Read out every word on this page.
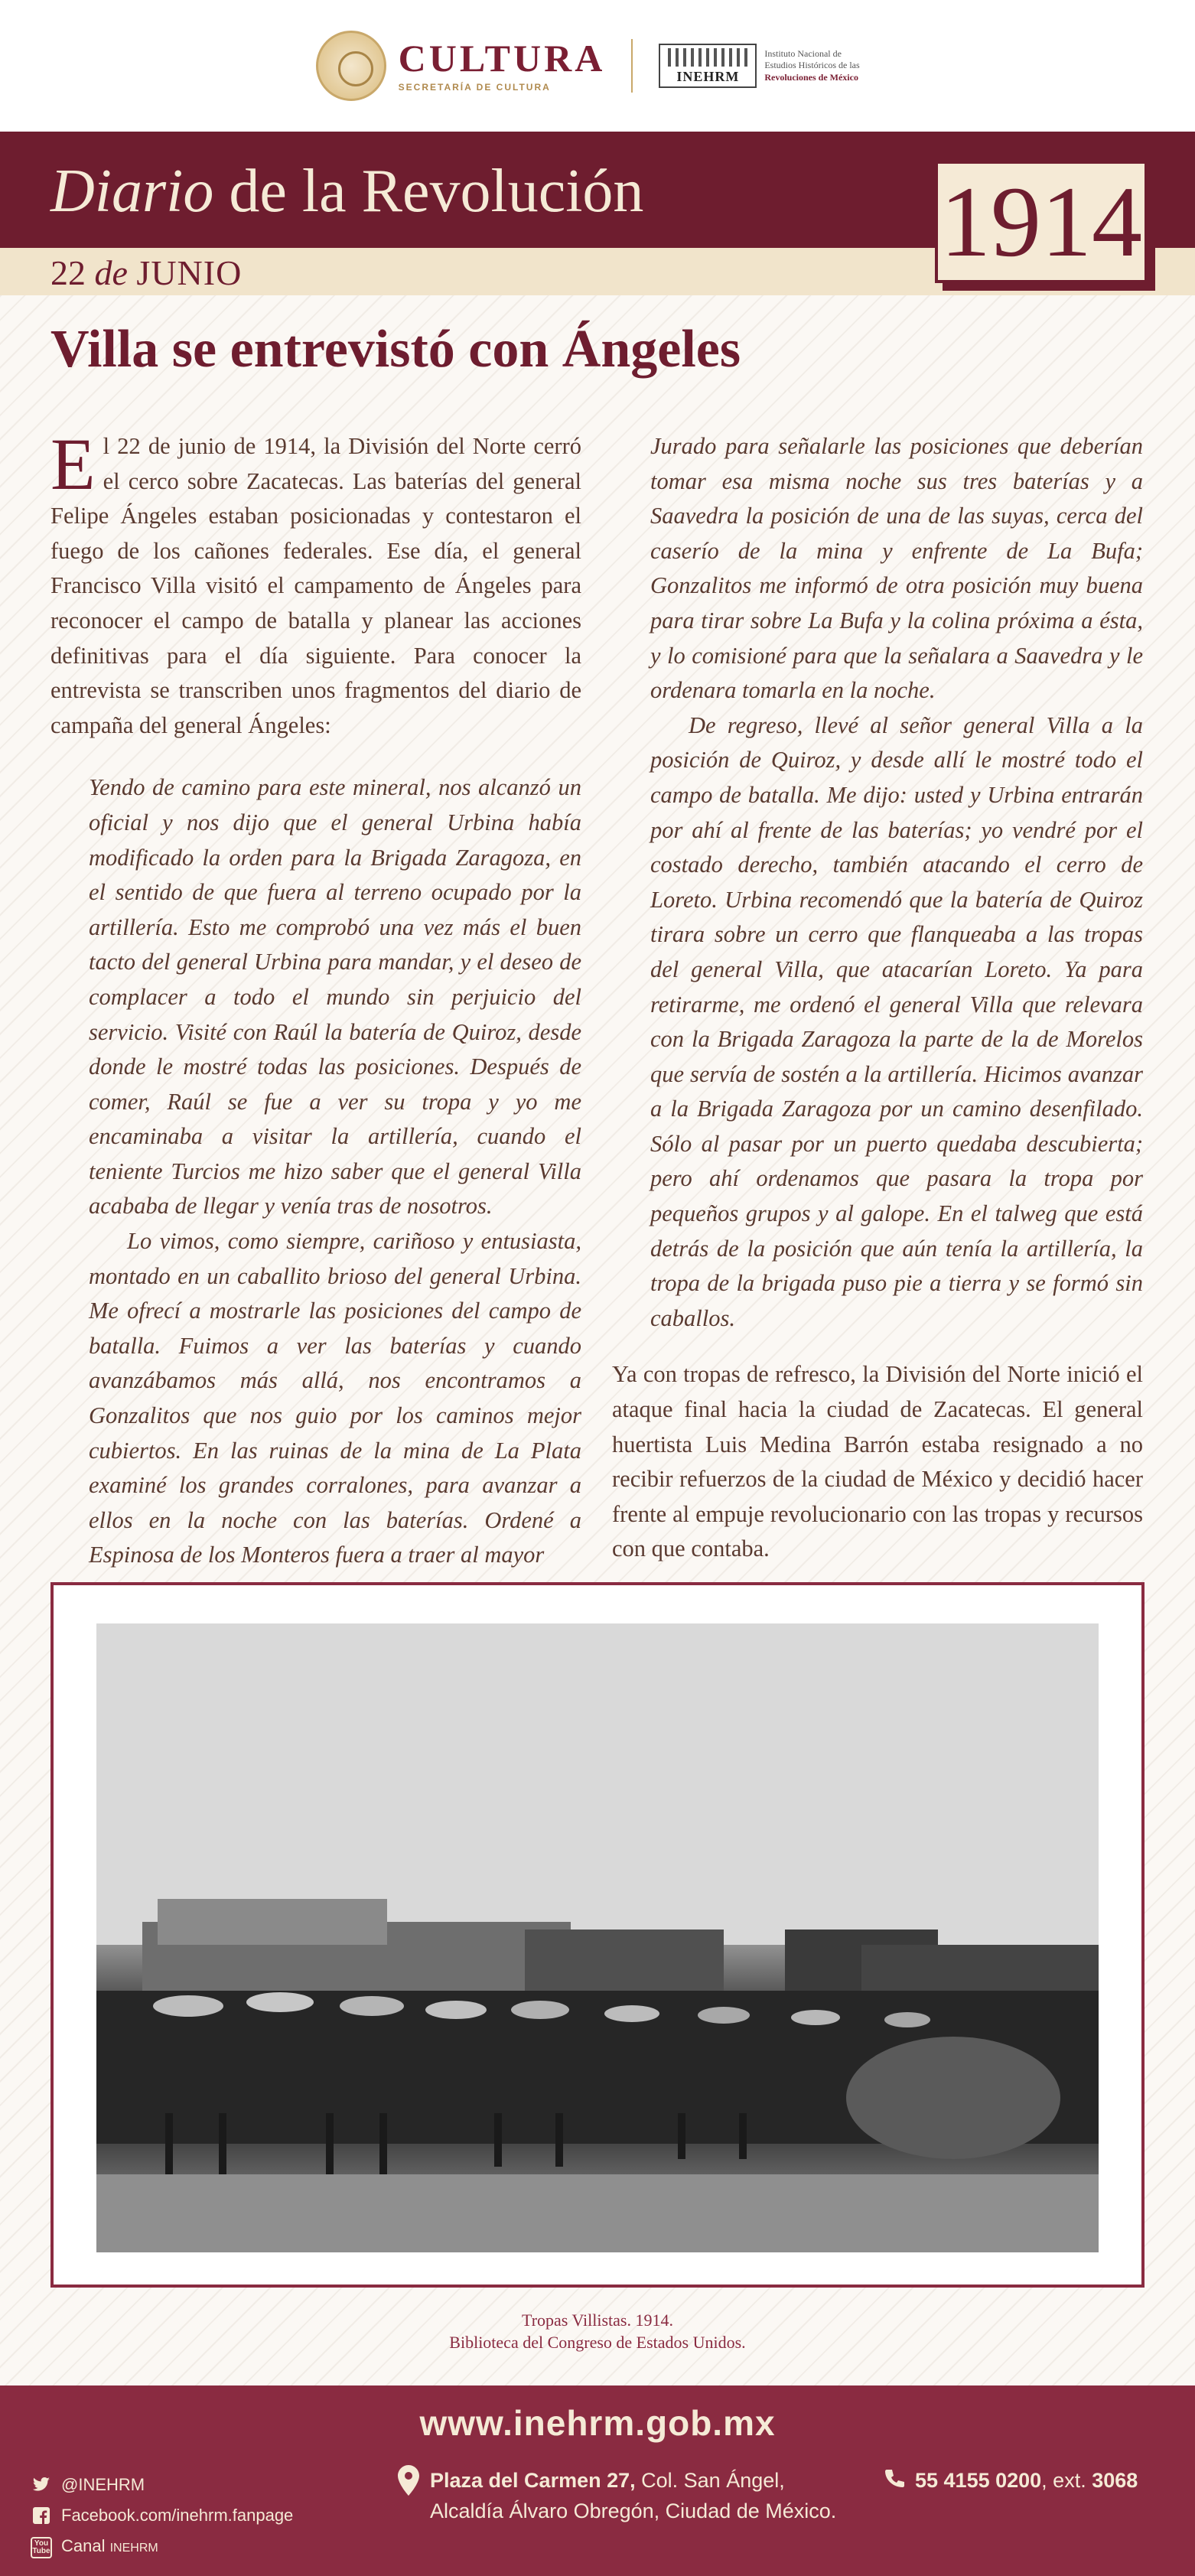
CULTURA
SECRETARÍA DE CULTURA
INEHRM
Instituto Nacional de
Estudios Históricos de las
Revoluciones de México
Diario de la Revolución
22 de JUNIO	1914
Villa se entrevistó con Ángeles

El 22 de junio de 1914, la División del Norte cerró el cerco sobre Zacatecas. Las baterías del general Felipe Ángeles estaban posicionadas y contestaron el fuego de los cañones federales. Ese día, el general Francisco Villa visitó el campamento de Ángeles para reconocer el campo de batalla y planear las acciones definitivas para el día siguiente. Para conocer la entrevista se transcriben unos fragmentos del diario de campaña del general Ángeles:

Yendo de camino para este mineral, nos alcanzó un oficial y nos dijo que el general Urbina había modificado la orden para la Brigada Zaragoza, en el sentido de que fuera al terreno ocupado por la artillería. Esto me comprobó una vez más el buen tacto del general Urbina para mandar, y el deseo de complacer a todo el mundo sin perjuicio del servicio. Visité con Raúl la batería de Quiroz, desde donde le mostré todas las posiciones. Después de comer, Raúl se fue a ver su tropa y yo me encaminaba a visitar la artillería, cuando el teniente Turcios me hizo saber que el general Villa acababa de llegar y venía tras de nosotros.

Lo vimos, como siempre, cariñoso y entusiasta, montado en un caballito brioso del general Urbina. Me ofrecí a mostrarle las posiciones del campo de batalla. Fuimos a ver las baterías y cuando avanzábamos más allá, nos encontramos a Gonzalitos que nos guio por los caminos mejor cubiertos. En las ruinas de la mina de La Plata examiné los grandes corralones, para avanzar a ellos en la noche con las baterías. Ordené a Espinosa de los Monteros fuera a traer al mayor

Jurado para señalarle las posiciones que deberían tomar esa misma noche sus tres baterías y a Saavedra la posición de una de las suyas, cerca del caserío de la mina y enfrente de La Bufa; Gonzalitos me informó de otra posición muy buena para tirar sobre La Bufa y la colina próxima a ésta, y lo comisioné para que la señalara a Saavedra y le ordenara tomarla en la noche.

De regreso, llevé al señor general Villa a la posición de Quiroz, y desde allí le mostré todo el campo de batalla. Me dijo: usted y Urbina entrarán por ahí al frente de las baterías; yo vendré por el costado derecho, también atacando el cerro de Loreto. Urbina recomendó que la batería de Quiroz tirara sobre un cerro que flanqueaba a las tropas del general Villa, que atacarían Loreto. Ya para retirarme, me ordenó el general Villa que relevara con la Brigada Zaragoza la parte de la de Morelos que servía de sostén a la artillería. Hicimos avanzar a la Brigada Zaragoza por un camino desenfilado. Sólo al pasar por un puerto quedaba descubierta; pero ahí ordenamos que pasara la tropa por pequeños grupos y al galope. En el talweg que está detrás de la posición que aún tenía la artillería, la tropa de la brigada puso pie a tierra y se formó sin caballos.

Ya con tropas de refresco, la División del Norte inició el ataque final hacia la ciudad de Zacatecas. El general huertista Luis Medina Barrón estaba resignado a no recibir refuerzos de la ciudad de México y decidió hacer frente al empuje revolucionario con las tropas y recursos con que contaba.

Tropas Villistas. 1914.
Biblioteca del Congreso de Estados Unidos.
www.inehrm.gob.mx
@INEHRM
Facebook.com/inehrm.fanpage
You
Tube Canal INEHRM
Plaza del Carmen 27, Col. San Ángel,
Alcaldía Álvaro Obregón, Ciudad de México.
55 4155 0200, ext. 3068
